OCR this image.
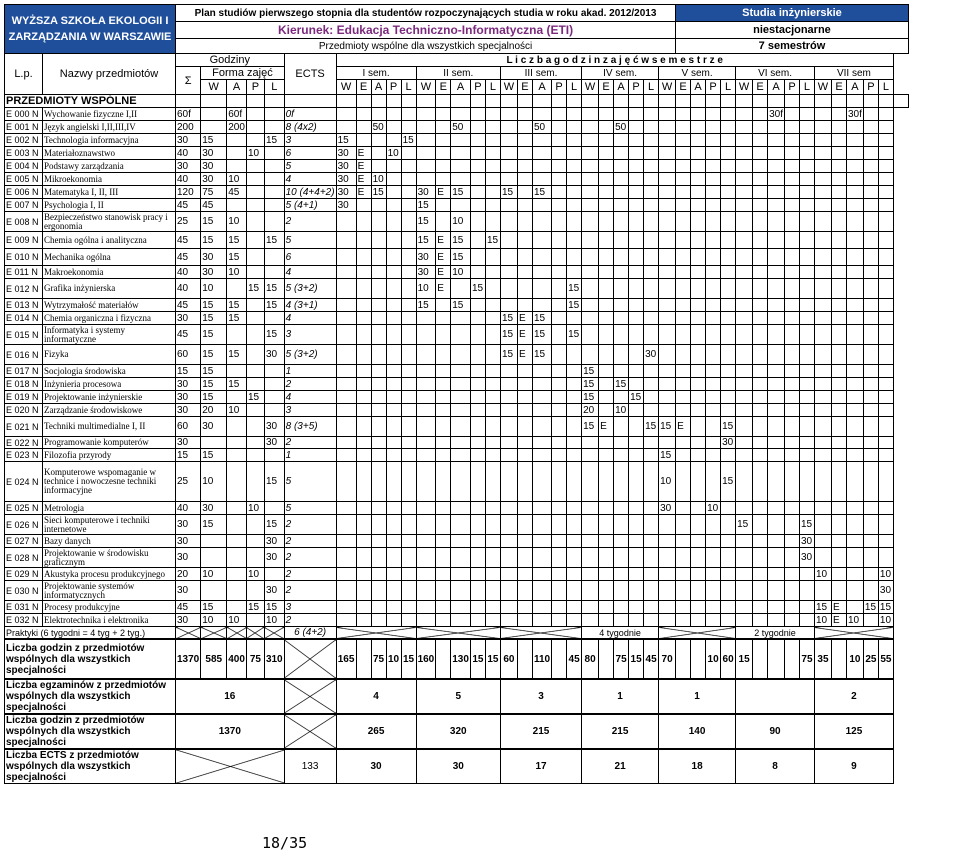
WYŻSZA SZKOŁA EKOLOGII I ZARZĄDZANIA W WARSZAWIE		Plan studiów pierwszego stopnia dla studentów rozpoczynających studia w roku akad. 2012/2013																											Studia inżynierskie														
		Kierunek: Edukacja Techniczno-Informatyczna (ETI)																											niestacjonarne														
		Przedmioty wspólne dla wszystkich specjalności																											7 semestrów														
L.p.	Nazwy przedmiotów	Godziny					ECTS	L i c z b a g o d z i n z a j ę ć w s e m e s t r z e																																			
		Σ	Forma zajęć					I sem.					II sem.					III sem.					IV sem.					V sem.					VI sem.					VII sem					
			W	A	P	L		W	E	A	P	L	W	E	A	P	L	W	E	A	P	L	W	E	A	P	L	W	E	A	P	L	W	E	A	P	L	W	E	A	P	L	
PRZEDMIOTY WSPÓLNE																																											
E 000 N	Wychowanie fizyczne I,II	60f		60f			0f																												30f					30f			
E 001 N	Język angielski I,II,III,IV	200		200			8 (4x2)			50					50					50					50																		
E 002 N	Technologia informacyjna	30	15			15	3	15				15																															
E 003 N	Materiałoznawstwo	40	30		10		6	30	E		10																																
E 004 N	Podstawy zarządzania	30	30				5	30	E																																		
E 005 N	Mikroekonomia	40	30	10			4	30	E	10																																	
E 006 N	Matematyka I, II, III	120	75	45			10 (4+4+2)	30	E	15			30	E	15			15		15																							
E 007 N	Psychologia I, II	45	45				5 (4+1)	30					15																														
E 008 N	Bezpieczeństwo stanowisk pracy i ergonomia	25	15	10			2						15		10																												
E 009 N	Chemia ogólna i analityczna	45	15	15		15	5						15	E	15		15																										
E 010 N	Mechanika ogólna	45	30	15			6						30	E	15																												
E 011 N	Makroekonomia	40	30	10			4						30	E	10																												
E 012 N	Grafika inżynierska	40	10		15	15	5 (3+2)						10	E		15						15																					
E 013 N	Wytrzymałość materiałów	45	15	15		15	4 (3+1)						15		15							15																					
E 014 N	Chemia organiczna i fizyczna	30	15	15			4											15	E	15																							
E 015 N	Informatyka i systemy informatyczne	45	15			15	3											15	E	15		15																					
E 016 N	Fizyka	60	15	15		30	5 (3+2)											15	E	15							30																
E 017 N	Socjologia środowiska	15	15				1																15																				
E 018 N	Inżynieria procesowa	30	15	15			2																15		15																		
E 019 N	Projektowanie inżynierskie	30	15		15		4																15			15																	
E 020 N	Zarządzanie środowiskowe	30	20	10			3																20		10																		
E 021 N	Techniki multimedialne I, II	60	30			30	8 (3+5)																15	E			15	15	E			15											
E 022 N	Programowanie komputerów	30				30	2																									30											
E 023 N	Filozofia przyrody	15	15				1																					15															
E 024 N	Komputerowe wspomaganie w technice i nowoczesne techniki informacyjne	25	10			15	5																					10				15											
E 025 N	Metrologia	40	30		10		5																					30			10												
E 026 N	Sieci komputerowe i techniki internetowe	30	15			15	2																										15				15						
E 027 N	Bazy danych	30				30	2																														30						
E 028 N	Projektowanie w środowisku graficznym	30				30	2																														30						
E 029 N	Akustyka procesu produkcyjnego	20	10		10		2																															10				10	
E 030 N	Projektowanie systemów informatycznych	30				30	2																																			30	
E 031 N	Procesy produkcyjne	45	15		15	15	3																															15	E		15	15	
E 032 N	Elektrotechnika i elektronika	30	10	10		10	2																															10	E	10		10	
Praktyki (6 tygodni = 4 tyg + 2 tyg.)							6 (4+2)																4 tygodnie										2 tygodnie										
Liczba godzin z przedmiotów wspólnych dla wszystkich specjalności		1370	585	400	75	310		165		75	10	15	160		130	15	15	60		110		45	80		75	15	45	70			10	60	15				75	35		10	25	55	
Liczba egzaminów z przedmiotów wspólnych dla wszystkich specjalności		16						4					5					3					1					1										2					
Liczba godzin z przedmiotów wspólnych dla wszystkich specjalności		1370						265					320					215					215					140					90					125					
Liczba ECTS z przedmiotów wspólnych dla wszystkich specjalności							133	30					30					17					21					18					8					9					
18/35
